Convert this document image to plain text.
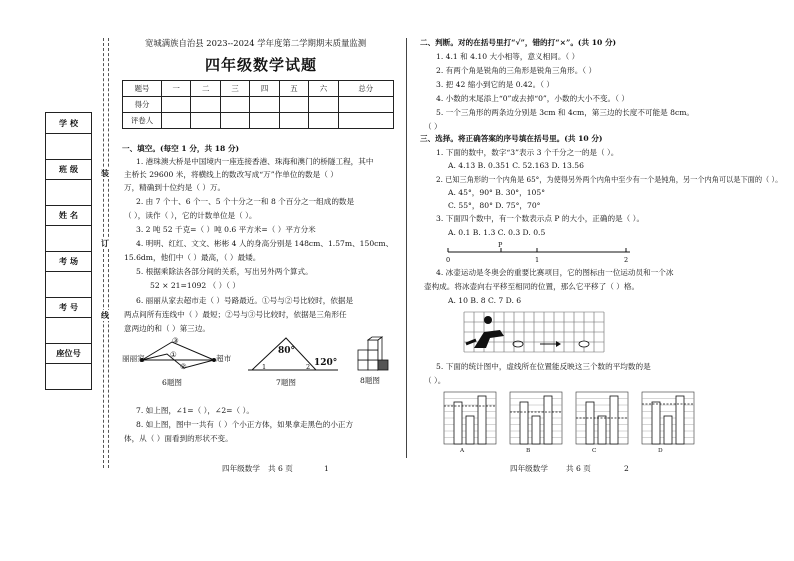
装
订
线
学 校
班 级
姓 名
考 场
考 号
座位号
宽城满族自治县 2023--2024 学年度第二学期期末质量监测
四年级数学试题
题号	一	二	三	四	五	六	总分
得分							
评卷人							
一、填空。(每空 1 分，共 18 分)
1. 港珠澳大桥是中国境内一座连接香港、珠海和澳门的桥隧工程，其中
主桥长 29600 米，将横线上的数改写成“万”作单位的数是（ ）
万，精确到十位约是（ ）万。
2. 由 7 个十、6 个一、5 个十分之一和 8 个百分之一组成的数是
（ ），读作（ ），它的计数单位是（ ）。
3. 2 吨 52 千克=（ ）吨 0.6 平方米=（ ）平方分米
4. 明明、红红、文文、彬彬 4 人的身高分别是 148cm、1.57m、150cm、
15.6dm，他们中（ ）最高，（ ）最矮。
5. 根据乘除法各部分间的关系，写出另外两个算式。
52 × 21=1092 （ ）（ ）
6. 丽丽从家去超市走（ ）号路最近。①号与②号比较时，依据是
两点间所有连线中（ ）最短；②号与③号比较时，依据是三角形任
意两边的和（ ）第三边。
丽丽家	超市
③
①
②
6题图
80°
120°
1	2
7题图	8题图
7. 如上图，∠1=（ ），∠2=（ ）。
8. 如上图，图中一共有（ ）个小正方体，如果拿走黑色的小正方
体，从（ ）面看到的形状不变。
四年级数学 共 6 页	1
二、判断。对的在括号里打“√”，错的打“×”。(共 10 分)
1. 4.1 和 4.10 大小相等，意义相同。（ ）
2. 有两个角是锐角的三角形是锐角三角形。（ ）
3. 把 42 缩小到它的是 0.42。（ ）
4. 小数的末尾添上“0”或去掉“0”，小数的大小不变。（ ）
5. 一个三角形的两条边分别是 3cm 和 4cm，第三边的长度不可能是 8cm。
（ ）
三、选择。将正确答案的序号填在括号里。(共 10 分)
1. 下面的数中，数字“3”表示 3 个千分之一的是（ ）。
A. 4.13 B. 0.351 C. 52.163 D. 13.56
2. 已知三角形的一个内角是 65°，为使得另外两个内角中至少有一个是钝角，另一个内角可以是下面的（ ）。
A. 45°，90° B. 30°，105°
C. 55°，80° D. 75°，70°
3. 下面四个数中，有一个数表示点 P 的大小，正确的是（ ）。
A. 0.1 B. 1.3 C. 0.3 D. 0.5
P
0	1	2
4. 冰壶运动是冬奥会的重要比赛项目，它的图标由一位运动员和一个冰
壶构成。将冰壶向右平移至相同的位置，那么它平移了（ ）格。
A. 10 B. 8 C. 7 D. 6
5. 下面的统计图中，虚线所在位置能反映这三个数的平均数的是
（ ）。
A	B	C	D
四年级数学 共 6 页	2
